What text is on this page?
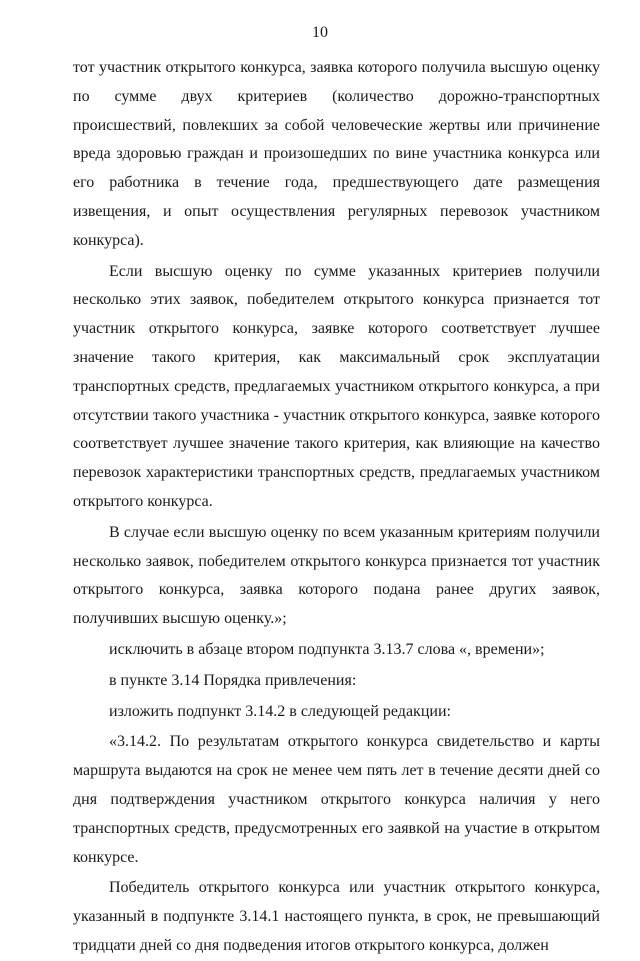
10

тот участник открытого конкурса, заявка которого получила высшую оценку по сумме двух критериев (количество дорожно-транспортных происшествий, повлекших за собой человеческие жертвы или причинение вреда здоровью граждан и произошедших по вине участника конкурса или его работника в течение года, предшествующего дате размещения извещения, и опыт осуществления регулярных перевозок участником конкурса).

Если высшую оценку по сумме указанных критериев получили несколько этих заявок, победителем открытого конкурса признается тот участник открытого конкурса, заявке которого соответствует лучшее значение такого критерия, как максимальный срок эксплуатации транспортных средств, предлагаемых участником открытого конкурса, а при отсутствии такого участника - участник открытого конкурса, заявке которого соответствует лучшее значение такого критерия, как влияющие на качество перевозок характеристики транспортных средств, предлагаемых участником открытого конкурса.

В случае если высшую оценку по всем указанным критериям получили несколько заявок, победителем открытого конкурса признается тот участник открытого конкурса, заявка которого подана ранее других заявок, получивших высшую оценку.»;

исключить в абзаце втором подпункта 3.13.7 слова «, времени»;

в пункте 3.14 Порядка привлечения:

изложить подпункт 3.14.2 в следующей редакции:

«3.14.2. По результатам открытого конкурса свидетельство и карты маршрута выдаются на срок не менее чем пять лет в течение десяти дней со дня подтверждения участником открытого конкурса наличия у него транспортных средств, предусмотренных его заявкой на участие в открытом конкурсе.

Победитель открытого конкурса или участник открытого конкурса, указанный в подпункте 3.14.1 настоящего пункта, в срок, не превышающий тридцати дней со дня подведения итогов открытого конкурса, должен
